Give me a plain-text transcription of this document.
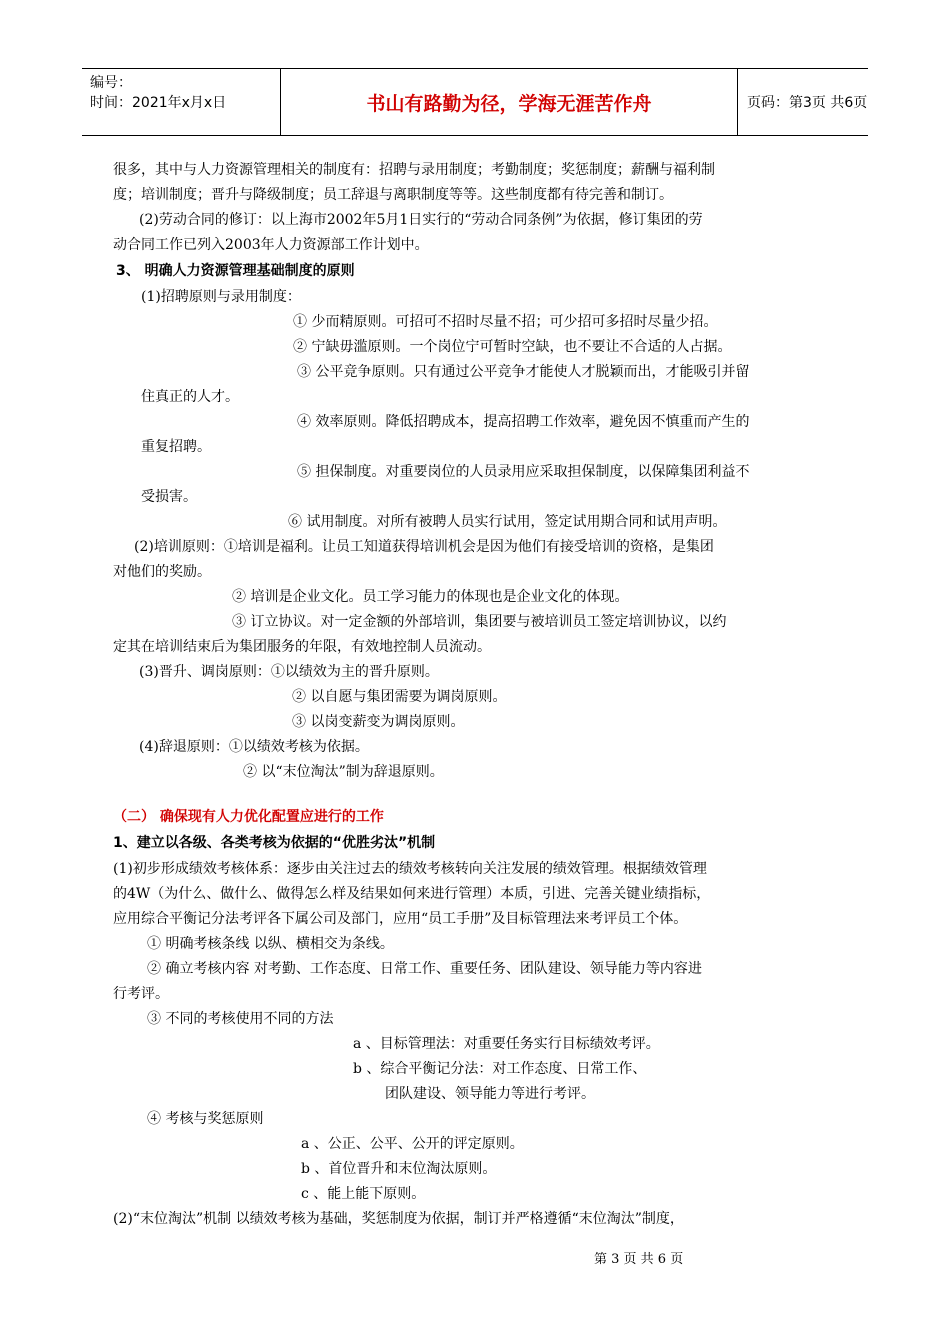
编号：
时间：2021年x月x日	书山有路勤为径，学海无涯苦作舟	页码：第3页 共6页
很多，其中与人力资源管理相关的制度有：招聘与录用制度；考勤制度；奖惩制度；薪酬与福利制
度；培训制度；晋升与降级制度；员工辞退与离职制度等等。这些制度都有待完善和制订。
(2)劳动合同的修订：以上海市2002年5月1日实行的“劳动合同条例”为依据，修订集团的劳
动合同工作已列入2003年人力资源部工作计划中。
3、 明确人力资源管理基础制度的原则
(1)招聘原则与录用制度：
① 少而精原则。可招可不招时尽量不招；可少招可多招时尽量少招。
② 宁缺毋滥原则。一个岗位宁可暂时空缺，也不要让不合适的人占据。
③ 公平竞争原则。只有通过公平竞争才能使人才脱颖而出，才能吸引并留
住真正的人才。
④ 效率原则。降低招聘成本，提高招聘工作效率，避免因不慎重而产生的
重复招聘。
⑤ 担保制度。对重要岗位的人员录用应采取担保制度，以保障集团利益不
受损害。
⑥ 试用制度。对所有被聘人员实行试用，签定试用期合同和试用声明。
(2)培训原则：①培训是福利。让员工知道获得培训机会是因为他们有接受培训的资格，是集团
对他们的奖励。
② 培训是企业文化。员工学习能力的体现也是企业文化的体现。
③ 订立协议。对一定金额的外部培训，集团要与被培训员工签定培训协议，以约
定其在培训结束后为集团服务的年限，有效地控制人员流动。
(3)晋升、调岗原则：①以绩效为主的晋升原则。
② 以自愿与集团需要为调岗原则。
③ 以岗变薪变为调岗原则。
(4)辞退原则：①以绩效考核为依据。
② 以“末位淘汰”制为辞退原则。
（二） 确保现有人力优化配置应进行的工作
1、建立以各级、各类考核为依据的“优胜劣汰”机制
(1)初步形成绩效考核体系：逐步由关注过去的绩效考核转向关注发展的绩效管理。根据绩效管理
的4W（为什么、做什么、做得怎么样及结果如何来进行管理）本质，引进、完善关键业绩指标，
应用综合平衡记分法考评各下属公司及部门，应用“员工手册”及目标管理法来考评员工个体。
① 明确考核条线 以纵、横相交为条线。
② 确立考核内容 对考勤、工作态度、日常工作、重要任务、团队建设、领导能力等内容进
行考评。
③ 不同的考核使用不同的方法
a 、目标管理法：对重要任务实行目标绩效考评。
b 、综合平衡记分法：对工作态度、日常工作、
团队建设、领导能力等进行考评。
④ 考核与奖惩原则
a 、公正、公平、公开的评定原则。
b 、首位晋升和末位淘汰原则。
c 、能上能下原则。
(2)“末位淘汰”机制 以绩效考核为基础，奖惩制度为依据，制订并严格遵循“末位淘汰”制度，
第 3 页 共 6 页
